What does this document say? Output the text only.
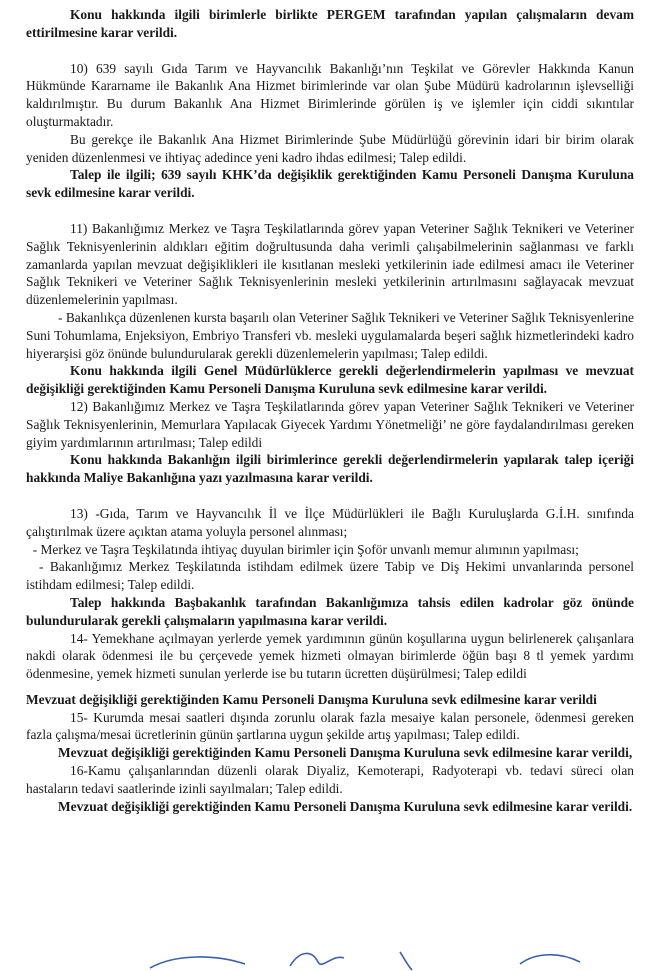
Konu hakkında ilgili birimlerle birlikte PERGEM tarafından yapılan çalışmaların devam ettirilmesine karar verildi.

10) 639 sayılı Gıda Tarım ve Hayvancılık Bakanlığı’nın Teşkilat ve Görevler Hakkında Kanun Hükmünde Kararname ile Bakanlık Ana Hizmet birimlerinde var olan Şube Müdürü kadrolarının işlevselliği kaldırılmıştır. Bu durum Bakanlık Ana Hizmet Birimlerinde görülen iş ve işlemler için ciddi sıkıntılar oluşturmaktadır.

Bu gerekçe ile Bakanlık Ana Hizmet Birimlerinde Şube Müdürlüğü görevinin idari bir birim olarak yeniden düzenlenmesi ve ihtiyaç adedince yeni kadro ihdas edilmesi; Talep edildi.

Talep ile ilgili; 639 sayılı KHK’da değişiklik gerektiğinden Kamu Personeli Danışma Kuruluna sevk edilmesine karar verildi.

11) Bakanlığımız Merkez ve Taşra Teşkilatlarında görev yapan Veteriner Sağlık Teknikeri ve Veteriner Sağlık Teknisyenlerinin aldıkları eğitim doğrultusunda daha verimli çalışabilmelerinin sağlanması ve farklı zamanlarda yapılan mevzuat değişiklikleri ile kısıtlanan mesleki yetkilerinin iade edilmesi amacı ile Veteriner Sağlık Teknikeri ve Veteriner Sağlık Teknisyenlerinin mesleki yetkilerinin artırılmasını sağlayacak mevzuat düzenlemelerinin yapılması.

- Bakanlıkça düzenlenen kursta başarılı olan Veteriner Sağlık Teknikeri ve Veteriner Sağlık Teknisyenlerine Suni Tohumlama, Enjeksiyon, Embriyo Transferi vb. mesleki uygulamalarda beşeri sağlık hizmetlerindeki kadro hiyerarşisi göz önünde bulundurularak gerekli düzenlemelerin yapılması; Talep edildi.

Konu hakkında ilgili Genel Müdürlüklerce gerekli değerlendirmelerin yapılması ve mevzuat değişikliği gerektiğinden Kamu Personeli Danışma Kuruluna sevk edilmesine karar verildi.

12) Bakanlığımız Merkez ve Taşra Teşkilatlarında görev yapan Veteriner Sağlık Teknikeri ve Veteriner Sağlık Teknisyenlerinin, Memurlara Yapılacak Giyecek Yardımı Yönetmeliği’ ne göre faydalandırılması gereken giyim yardımlarının artırılması; Talep edildi

Konu hakkında Bakanlığın ilgili birimlerince gerekli değerlendirmelerin yapılarak talep içeriği hakkında Maliye Bakanlığına yazı yazılmasına karar verildi.

13) -Gıda, Tarım ve Hayvancılık İl ve İlçe Müdürlükleri ile Bağlı Kuruluşlarda G.İ.H. sınıfında çalıştırılmak üzere açıktan atama yoluyla personel alınması;

- Merkez ve Taşra Teşkilatında ihtiyaç duyulan birimler için Şoför unvanlı memur alımının yapılması;

- Bakanlığımız Merkez Teşkilatında istihdam edilmek üzere Tabip ve Diş Hekimi unvanlarında personel istihdam edilmesi; Talep edildi.

Talep hakkında Başbakanlık tarafından Bakanlığımıza tahsis edilen kadrolar göz önünde bulundurularak gerekli çalışmaların yapılmasına karar verildi.

14- Yemekhane açılmayan yerlerde yemek yardımının günün koşullarına uygun belirlenerek çalışanlara nakdi olarak ödenmesi ile bu çerçevede yemek hizmeti olmayan birimlerde öğün başı 8 tl yemek yardımı ödenmesine, yemek hizmeti sunulan yerlerde ise bu tutarın ücretten düşürülmesi; Talep edildi

Mevzuat değişikliği gerektiğinden Kamu Personeli Danışma Kuruluna sevk edilmesine karar verildi

15- Kurumda mesai saatleri dışında zorunlu olarak fazla mesaiye kalan personele, ödenmesi gereken fazla çalışma/mesai ücretlerinin günün şartlarına uygun şekilde artış yapılması; Talep edildi.

Mevzuat değişikliği gerektiğinden Kamu Personeli Danışma Kuruluna sevk edilmesine karar verildi,

16-Kamu çalışanlarından düzenli olarak Diyaliz, Kemoterapi, Radyoterapi vb. tedavi süreci olan hastaların tedavi saatlerinde izinli sayılmaları; Talep edildi.

Mevzuat değişikliği gerektiğinden Kamu Personeli Danışma Kuruluna sevk edilmesine karar verildi.
